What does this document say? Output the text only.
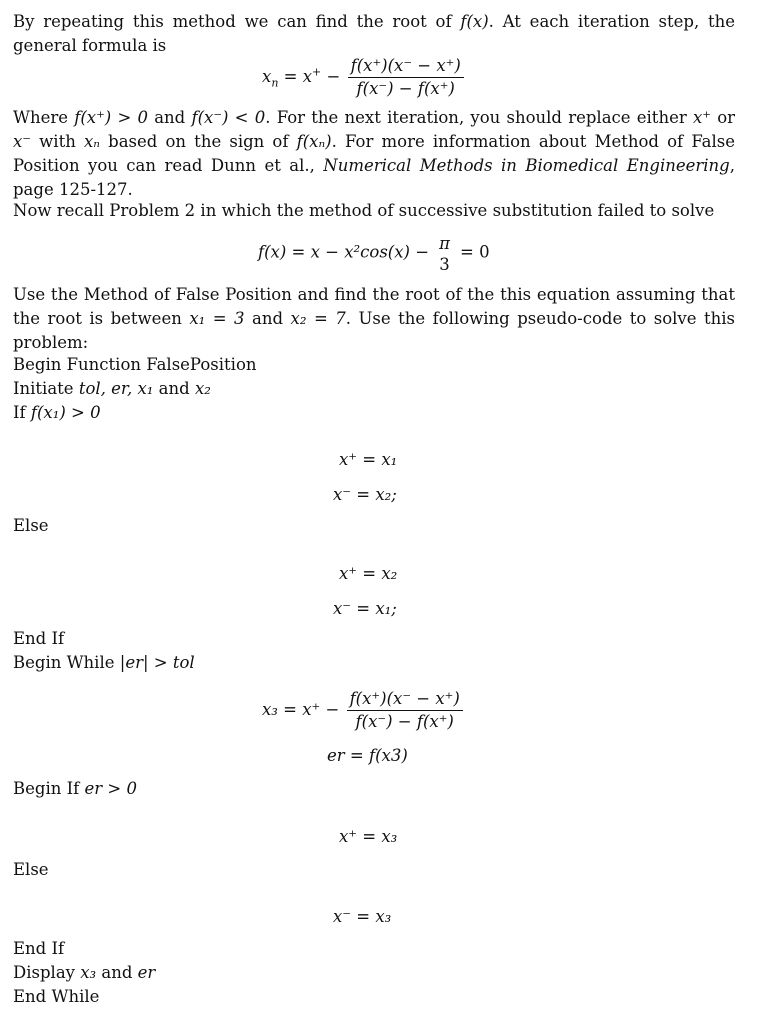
By repeating this method we can find the root of f(x). At each iteration step, the general formula is
$x_n = x^+ - \frac{f(x^+)(x^- - x^+)}{f(x^-) - f(x^+)}$
Where f(x⁺) > 0 and f(x⁻) < 0. For the next iteration, you should replace either x⁺ or x⁻ with xₙ based on the sign of f(xₙ). For more information about Method of False Position you can read Dunn et al., Numerical Methods in Biomedical Engineering, page 125-127.
Now recall Problem 2 in which the method of successive substitution failed to solve
f(x) = x − x²cos(x) − π
3
= 0
Use the Method of False Position and find the root of the this equation assuming that the root is between x₁ = 3 and x₂ = 7. Use the following pseudo-code to solve this problem:
Begin Function FalsePosition
Initiate tol, er, x₁ and x₂
If f(x₁) > 0
x⁺ = x₁
x⁻ = x₂;
Else
x⁺ = x₂
x⁻ = x₁;
End If
Begin While |er| > tol
$x_3 = x^+ - \frac{f(x^+)(x^- - x^+)}{f(x^-) - f(x^+)}$
er = f(x3)
Begin If er > 0
x⁺ = x₃
Else
x⁻ = x₃
End If
Display x₃ and er
End While
